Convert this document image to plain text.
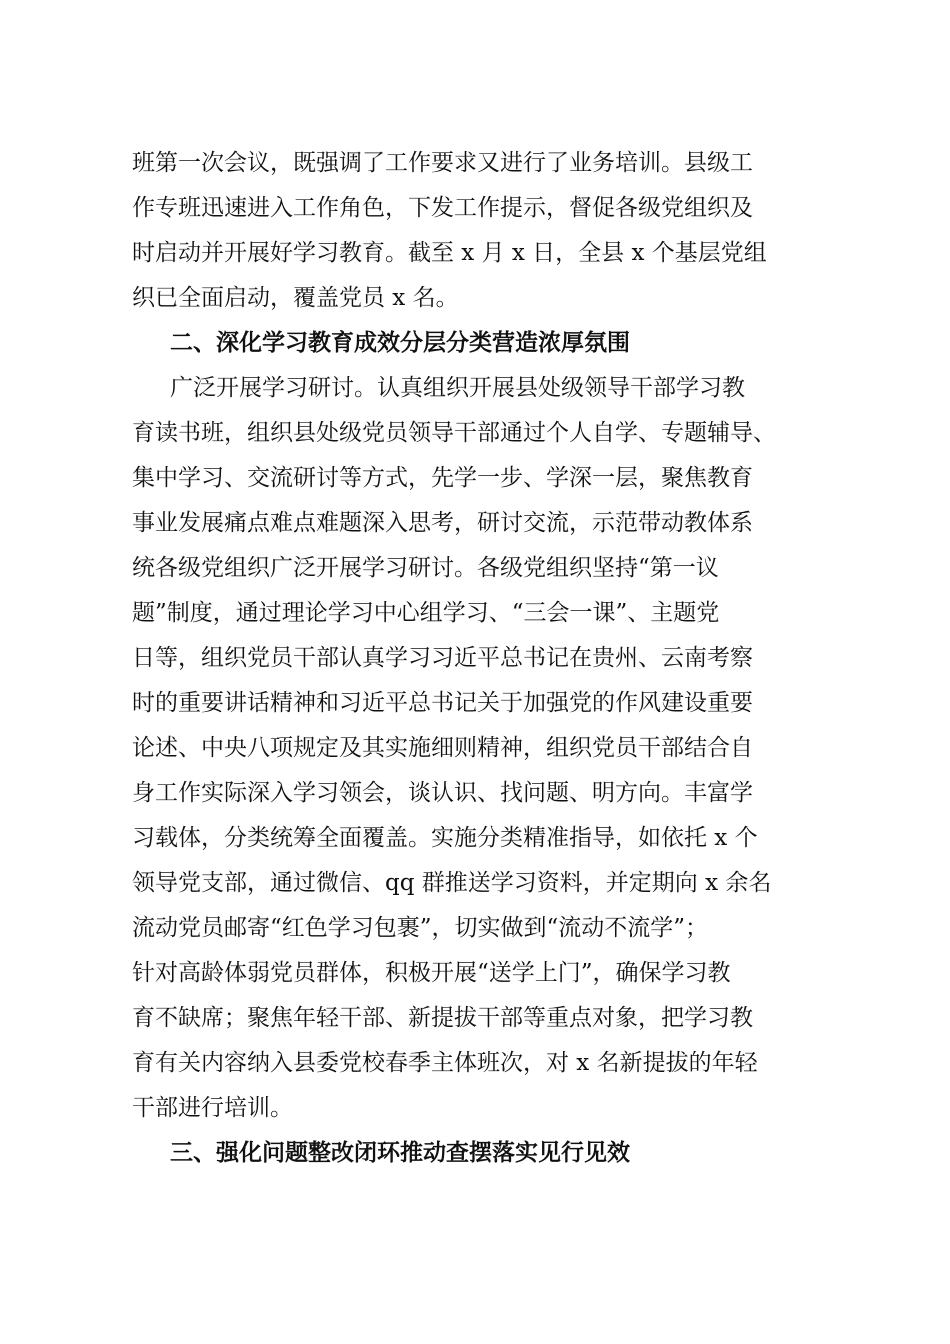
班第一次会议，既强调了工作要求又进行了业务培训。县级工
作专班迅速进入工作角色，下发工作提示，督促各级党组织及
时启动并开展好学习教育。截至 x 月 x 日，全县 x 个基层党组
织已全面启动，覆盖党员 x 名。
二、深化学习教育成效分层分类营造浓厚氛围
广泛开展学习研讨。认真组织开展县处级领导干部学习教
育读书班，组织县处级党员领导干部通过个人自学、专题辅导、
集中学习、交流研讨等方式，先学一步、学深一层，聚焦教育
事业发展痛点难点难题深入思考，研讨交流，示范带动教体系
统各级党组织广泛开展学习研讨。各级党组织坚持“第一议
题”制度，通过理论学习中心组学习、“三会一课”、主题党
日等，组织党员干部认真学习习近平总书记在贵州、云南考察
时的重要讲话精神和习近平总书记关于加强党的作风建设重要
论述、中央八项规定及其实施细则精神，组织党员干部结合自
身工作实际深入学习领会，谈认识、找问题、明方向。丰富学
习载体，分类统筹全面覆盖。实施分类精准指导，如依托 x 个
领导党支部，通过微信、qq 群推送学习资料，并定期向 x 余名
流动党员邮寄“红色学习包裹”，切实做到“流动不流学”；
针对高龄体弱党员群体，积极开展“送学上门”，确保学习教
育不缺席；聚焦年轻干部、新提拔干部等重点对象，把学习教
育有关内容纳入县委党校春季主体班次，对 x 名新提拔的年轻
干部进行培训。
三、强化问题整改闭环推动查摆落实见行见效
